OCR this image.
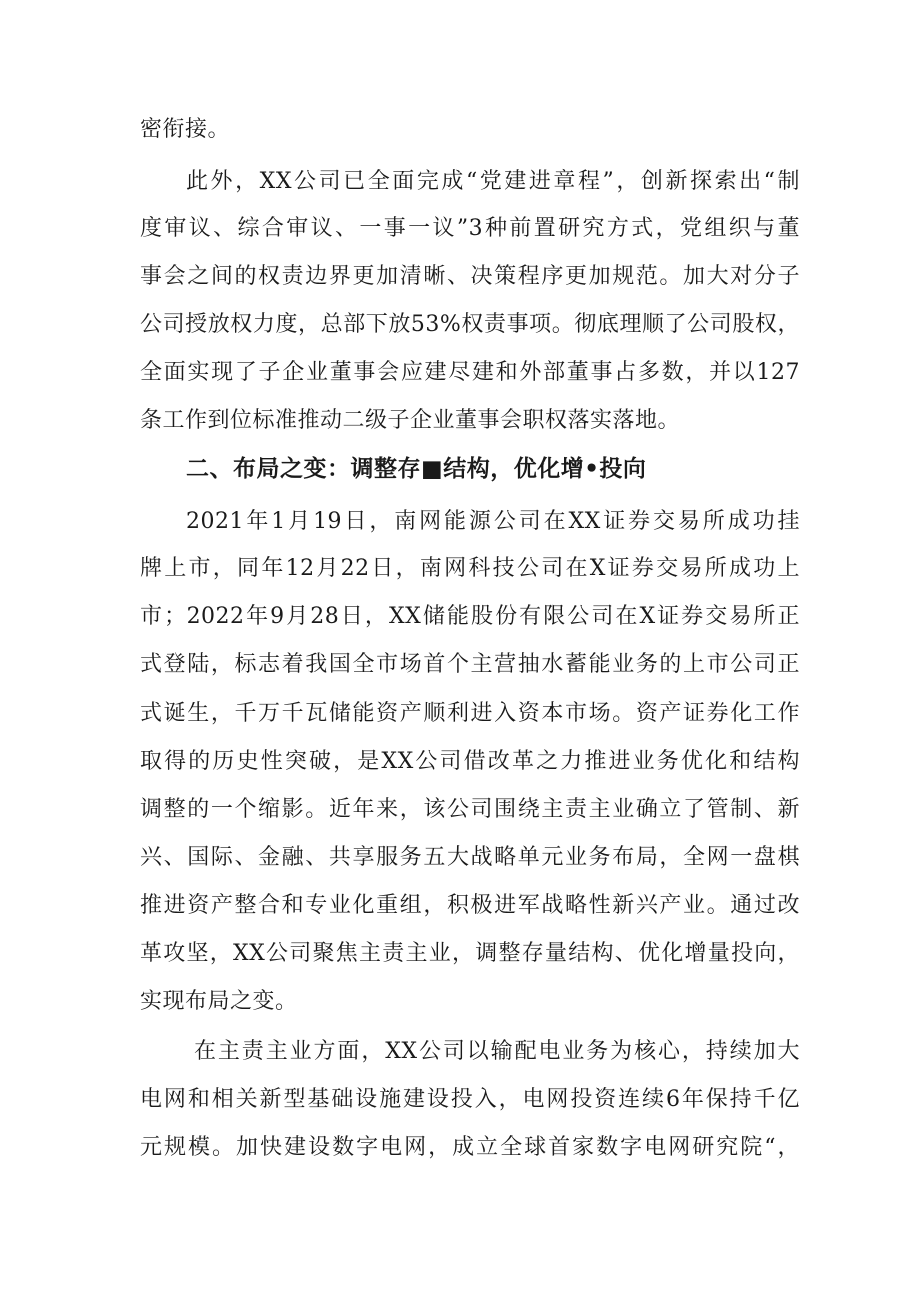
密衔接。
此外，XX公司已全面完成“党建进章程”，创新探索出“制
度审议、综合审议、一事一议”3种前置研究方式，党组织与董
事会之间的权责边界更加清晰、决策程序更加规范。加大对分子
公司授放权力度，总部下放53%权责事项。彻底理顺了公司股权，
全面实现了子企业董事会应建尽建和外部董事占多数，并以127
条工作到位标准推动二级子企业董事会职权落实落地。
二、布局之变：调整存■结构，优化增•投向
2021年1月19日，南网能源公司在XX证券交易所成功挂
牌上市，同年12月22日，南网科技公司在X证券交易所成功上
市；2022年9月28日，XX储能股份有限公司在X证券交易所正
式登陆，标志着我国全市场首个主营抽水蓄能业务的上市公司正
式诞生，千万千瓦储能资产顺利进入资本市场。资产证券化工作
取得的历史性突破，是XX公司借改革之力推进业务优化和结构
调整的一个缩影。近年来，该公司围绕主责主业确立了管制、新
兴、国际、金融、共享服务五大战略单元业务布局，全网一盘棋
推进资产整合和专业化重组，积极进军战略性新兴产业。通过改
革攻坚，XX公司聚焦主责主业，调整存量结构、优化增量投向，
实现布局之变。
在主责主业方面，XX公司以输配电业务为核心，持续加大
电网和相关新型基础设施建设投入，电网投资连续6年保持千亿
元规模。加快建设数字电网，成立全球首家数字电网研究院“，
